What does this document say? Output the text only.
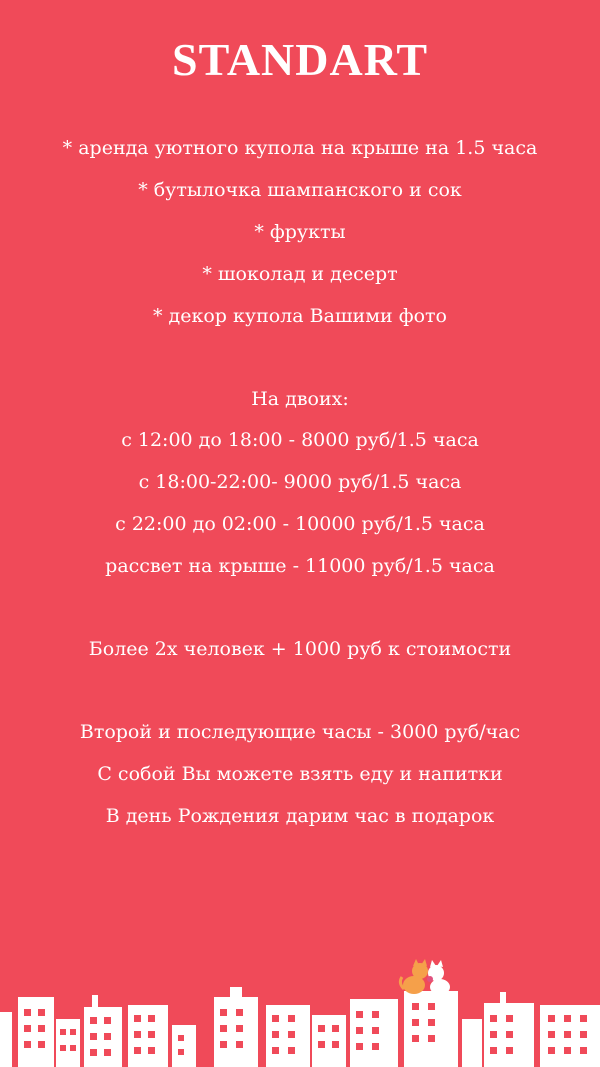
STANDART
* аренда уютного купола на крыше на 1.5 часа
* бутылочка шампанского и сок
* фрукты
* шоколад и десерт
* декор купола Вашими фото
На двоих:
с 12:00 до 18:00 - 8000 руб/1.5 часа
с 18:00-22:00- 9000 руб/1.5 часа
с 22:00 до 02:00 - 10000 руб/1.5 часа
рассвет на крыше - 11000 руб/1.5 часа
Более 2х человек + 1000 руб к стоимости
Второй и последующие часы - 3000 руб/час
С собой Вы можете взять еду и напитки
В день Рождения дарим час в подарок
